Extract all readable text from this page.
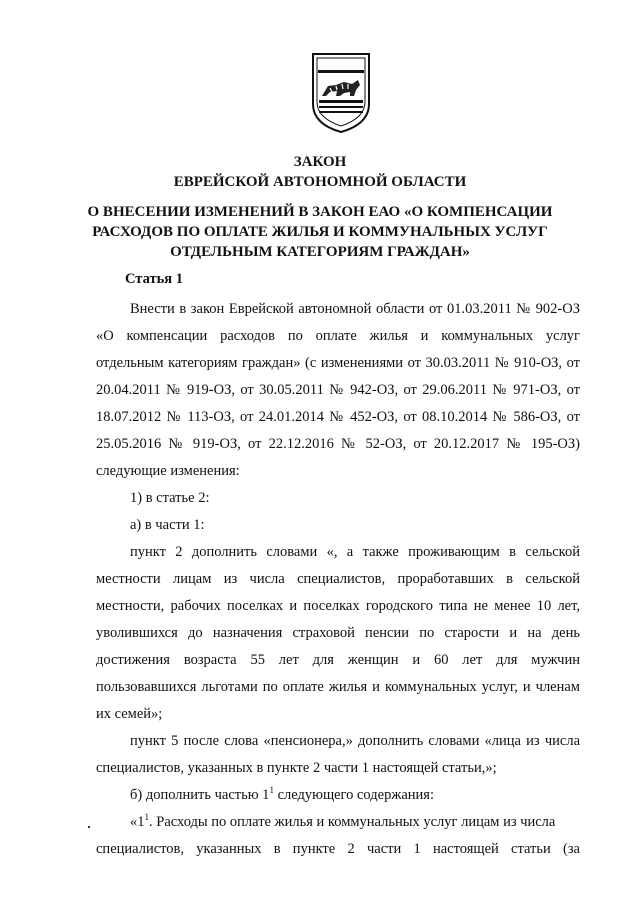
ЗАКОН
ЕВРЕЙСКОЙ АВТОНОМНОЙ ОБЛАСТИ
О ВНЕСЕНИИ ИЗМЕНЕНИЙ В ЗАКОН ЕАО «О КОМПЕНСАЦИИ
РАСХОДОВ ПО ОПЛАТЕ ЖИЛЬЯ И КОММУНАЛЬНЫХ УСЛУГ
ОТДЕЛЬНЫМ КАТЕГОРИЯМ ГРАЖДАН»
Статья 1
Внести в закон Еврейской автономной области от 01.03.2011 № 902-ОЗ
«О компенсации расходов по оплате жилья и коммунальных услуг
отдельным категориям граждан» (с изменениями от 30.03.2011 № 910-ОЗ, от
20.04.2011 № 919-ОЗ, от 30.05.2011 № 942-ОЗ, от 29.06.2011 № 971-ОЗ, от
18.07.2012 № 113-ОЗ, от 24.01.2014 № 452-ОЗ, от 08.10.2014 № 586-ОЗ, от
25.05.2016 № 919-ОЗ, от 22.12.2016 № 52-ОЗ, от 20.12.2017 № 195-ОЗ)
следующие изменения:
1) в статье 2:
а) в части 1:
пункт 2 дополнить словами «, а также проживающим в сельской
местности лицам из числа специалистов, проработавших в сельской
местности, рабочих поселках и поселках городского типа не менее 10 лет,
уволившихся до назначения страховой пенсии по старости и на день
достижения возраста 55 лет для женщин и 60 лет для мужчин
пользовавшихся льготами по оплате жилья и коммунальных услуг, и членам
их семей»;
пункт 5 после слова «пенсионера,» дополнить словами «лица из числа
специалистов, указанных в пункте 2 части 1 настоящей статьи,»;
б) дополнить частью $1^1$ следующего содержания:
«$1^1$. Расходы по оплате жилья и коммунальных услуг лицам из числа
специалистов, указанных в пункте 2 части 1 настоящей статьи (за
